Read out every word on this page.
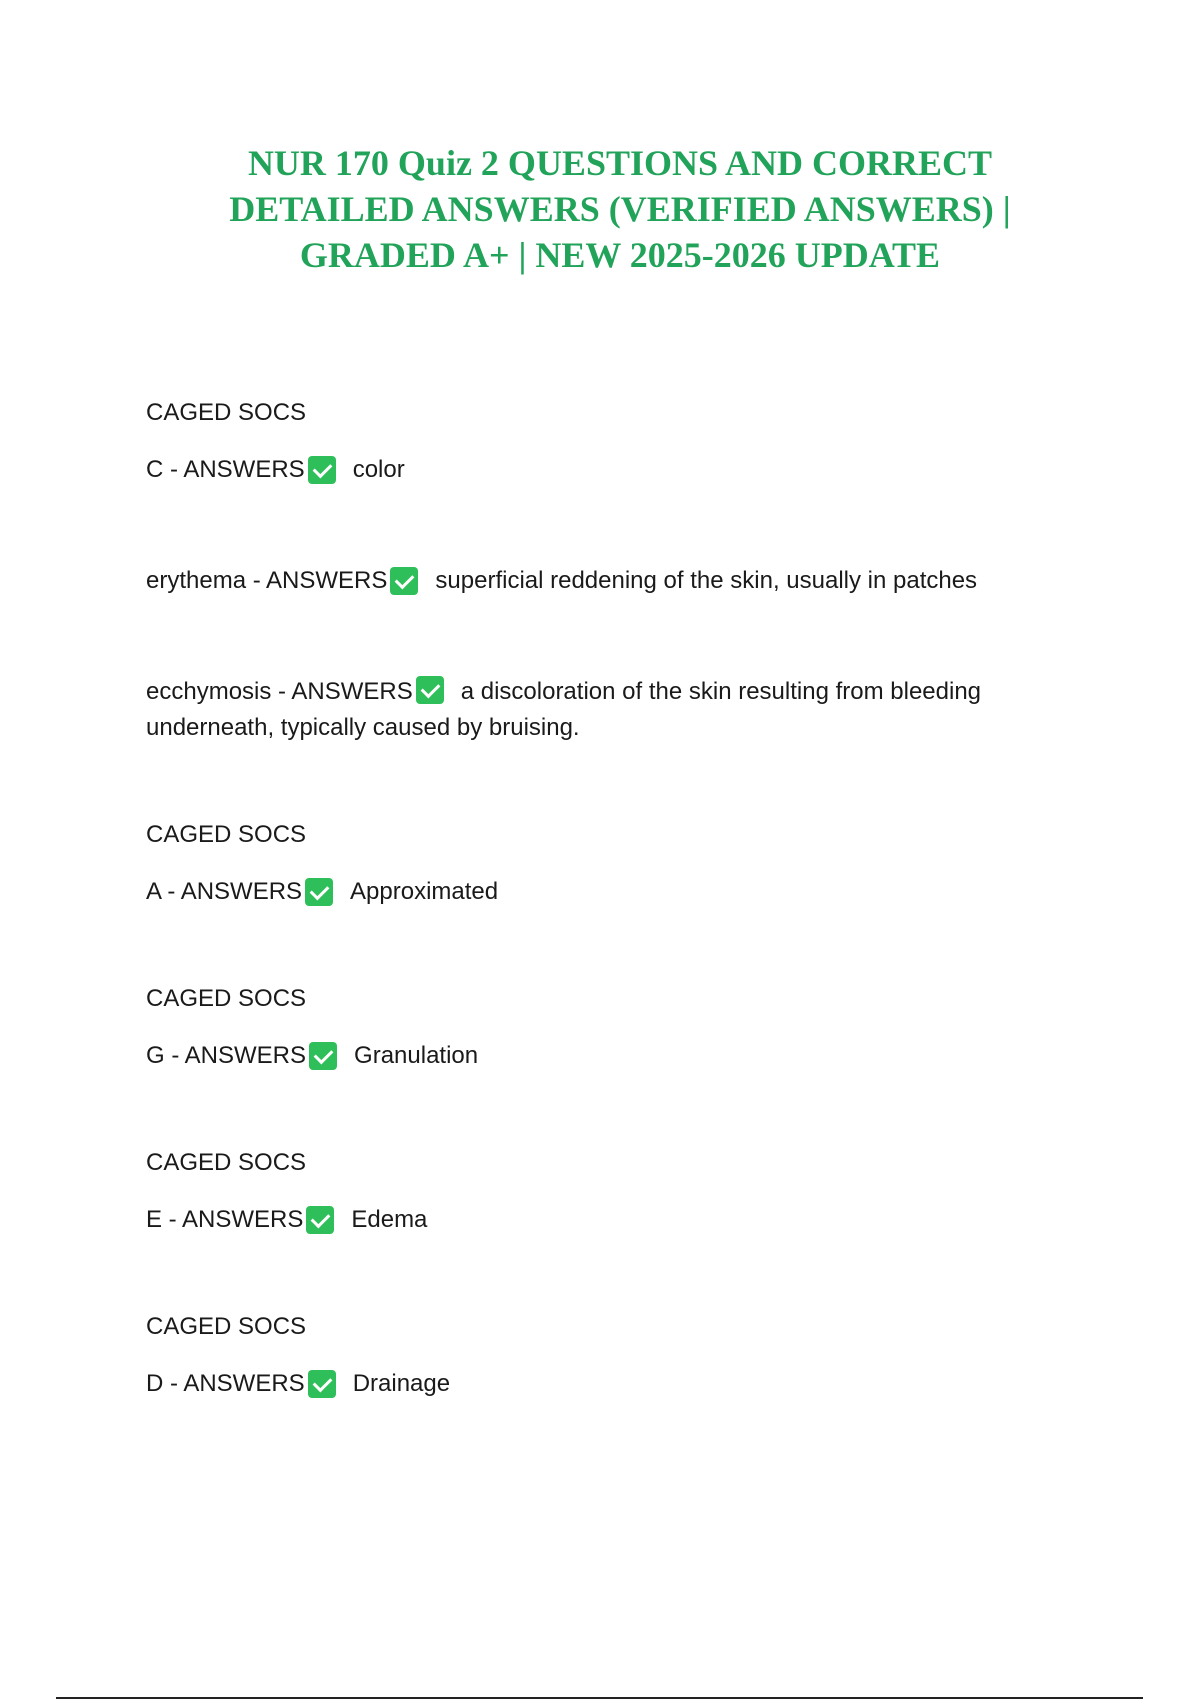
NUR 170 Quiz 2 QUESTIONS AND CORRECT
DETAILED ANSWERS (VERIFIED ANSWERS) |
GRADED A+ | NEW 2025-2026 UPDATE
CAGED SOCS
C - ANSWERS color
erythema - ANSWERS superficial reddening of the skin, usually in patches
ecchymosis - ANSWERS a discoloration of the skin resulting from bleeding underneath, typically caused by bruising.
CAGED SOCS
A - ANSWERS Approximated
CAGED SOCS
G - ANSWERS Granulation
CAGED SOCS
E - ANSWERS Edema
CAGED SOCS
D - ANSWERS Drainage
